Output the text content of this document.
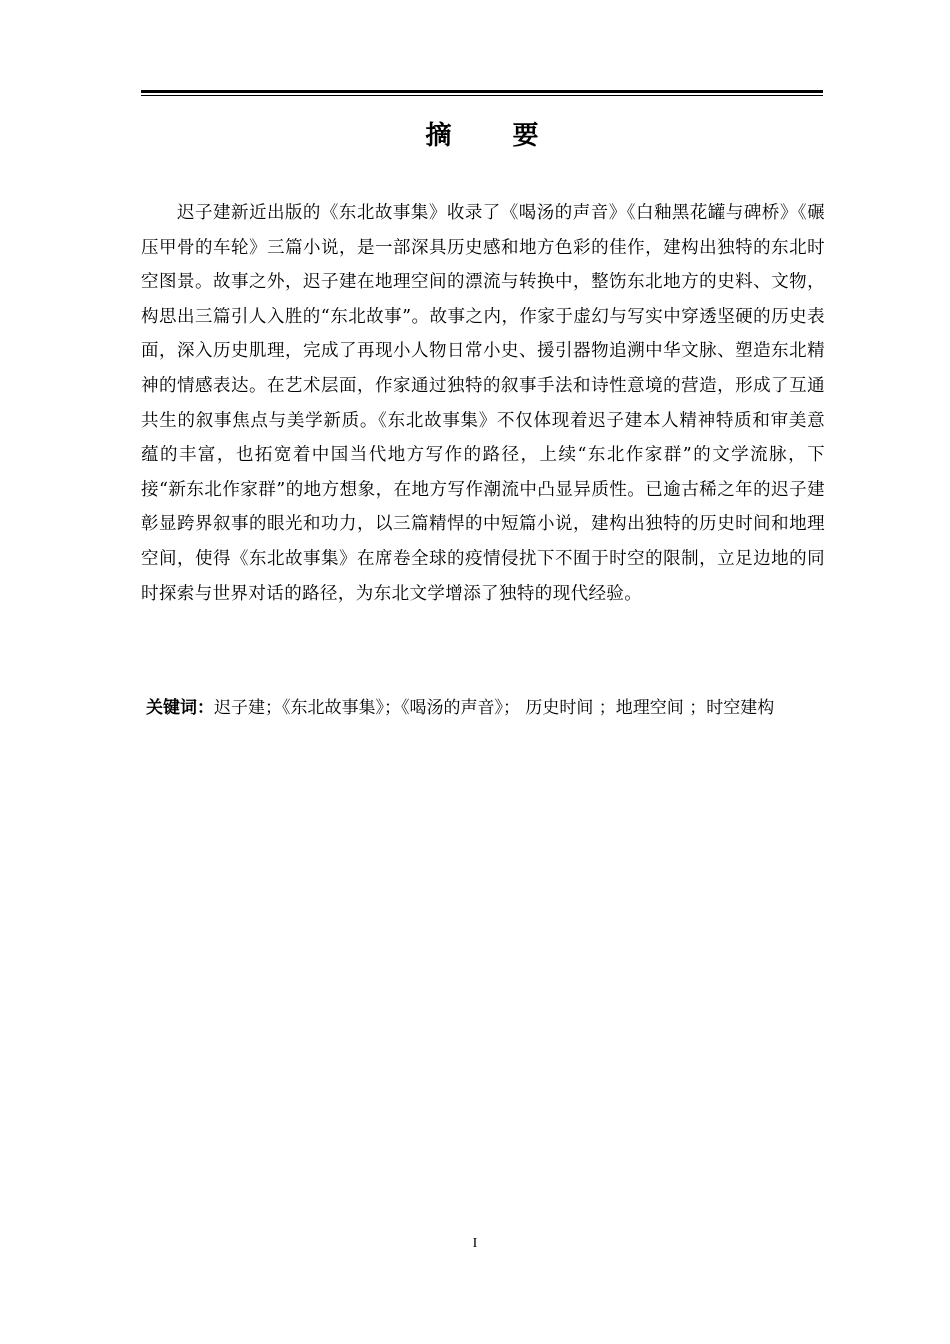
摘 要

迟子建新近出版的《东北故事集》收录了《喝汤的声音》《白釉黑花罐与碑桥》《碾压甲骨的车轮》三篇小说，是一部深具历史感和地方色彩的佳作，建构出独特的东北时空图景。故事之外，迟子建在地理空间的漂流与转换中，整饬东北地方的史料、文物，构思出三篇引人入胜的“东北故事”。故事之内，作家于虚幻与写实中穿透坚硬的历史表面，深入历史肌理，完成了再现小人物日常小史、援引器物追溯中华文脉、塑造东北精神的情感表达。在艺术层面，作家通过独特的叙事手法和诗性意境的营造，形成了互通共生的叙事焦点与美学新质。《东北故事集》不仅体现着迟子建本人精神特质和审美意蕴的丰富，也拓宽着中国当代地方写作的路径，上续“东北作家群”的文学流脉，下接“新东北作家群”的地方想象，在地方写作潮流中凸显异质性。已逾古稀之年的迟子建彰显跨界叙事的眼光和功力，以三篇精悍的中短篇小说，建构出独特的历史时间和地理空间，使得《东北故事集》在席卷全球的疫情侵扰下不囿于时空的限制，立足边地的同时探索与世界对话的路径，为东北文学增添了独特的现代经验。

关键词：迟子建；《东北故事集》；《喝汤的声音》； 历史时间 ；地理空间 ；时空建构

I
